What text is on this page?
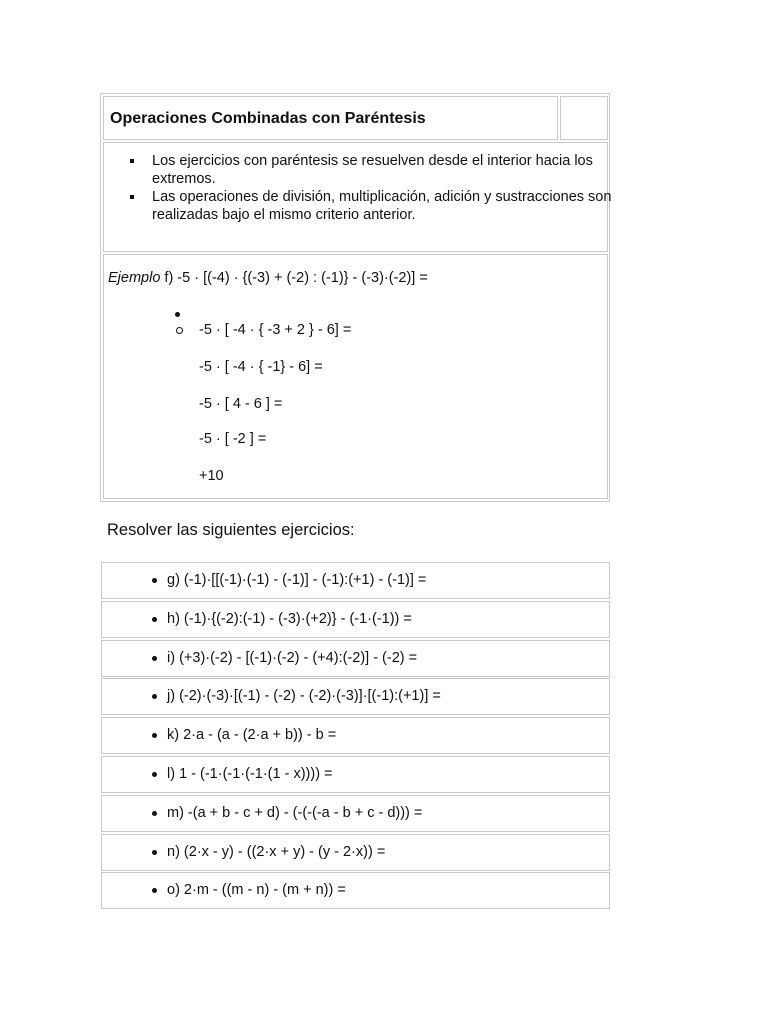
Operaciones Combinadas con Paréntesis
Los ejercicios con paréntesis se resuelven desde el interior hacia los extremos.
Las operaciones de división, multiplicación, adición y sustracciones son realizadas bajo el mismo criterio anterior.
Ejemplo f) -5 · [(-4) · {(-3) + (-2) : (-1)} - (-3)·(-2)] =
-5 · [ -4 · { -3 + 2 } - 6] =
-5 · [ -4 · { -1} - 6] =
-5 · [ 4 - 6 ] =
-5 · [ -2 ] =
+10
Resolver las siguientes ejercicios:
g) (-1)·[[(-1)·(-1) - (-1)] - (-1):(+1) - (-1)] =
h) (-1)·{(-2):(-1) - (-3)·(+2)} - (-1·(-1)) =
i) (+3)·(-2) - [(-1)·(-2) - (+4):(-2)] - (-2) =
j) (-2)·(-3)·[(-1) - (-2) - (-2)·(-3)]·[(-1):(+1)] =
k) 2·a - (a - (2·a + b)) - b =
l) 1 - (-1·(-1·(-1·(1 - x)))) =
m) -(a + b - c + d) - (-(-(-a - b + c - d))) =
n) (2·x - y) - ((2·x + y) - (y - 2·x)) =
o) 2·m - ((m - n) - (m + n)) =
